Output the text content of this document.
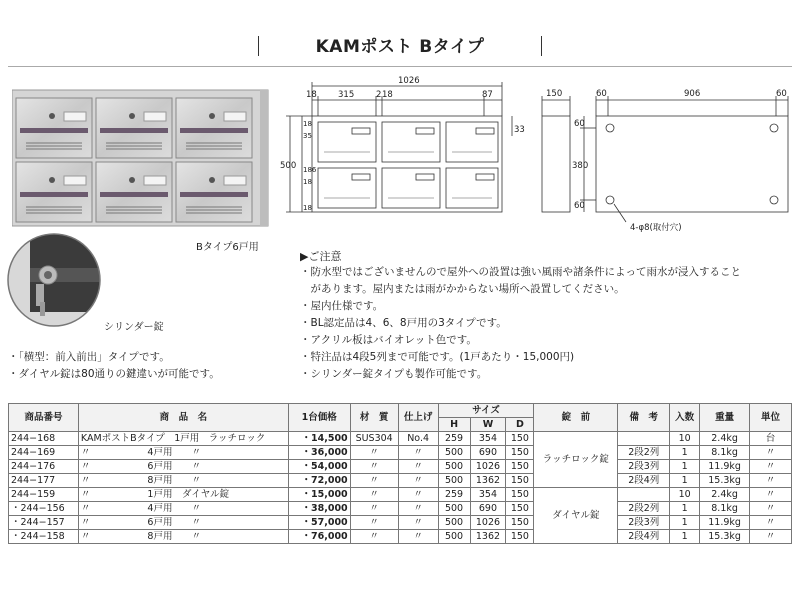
KAMポスト Bタイプ
Bタイプ6戸用
シリンダー錠
・「横型：前入前出」タイプです。
・ダイヤル錠は80通りの鍵違いが可能です。
1026
18 315	2 18	87
33
500
18
35
186
18
18
150	60	906	60
60
380
60
4-φ8(取付穴)
▶ご注意
・防水型ではございませんので屋外への設置は強い風雨や諸条件によって雨水が浸入すること
　があります。屋内または雨がかからない場所へ設置してください。
・屋内仕様です。
・BL認定品は4、6、8戸用の3タイプです。
・アクリル板はバイオレット色です。
・特注品は4段5列まで可能です。(1戸あたり・15,000円)
・シリンダー錠タイプも製作可能です。
商品番号	商　品　名	1台価格	材　質	仕上げ	サイズ			錠　前	備　考	入数	重量	単位
					H	W	D					
244−168	KAMポストBタイプ　1戸用　ラッチロック	・14,500	SUS304	No.4	259	354	150	ラッチロック錠		10	2.4kg	台
244−169	〃　　　　　　4戸用　　〃	・36,000	〃	〃	500	690	150		2段2列	1	8.1kg	〃
244−176	〃　　　　　　6戸用　　〃	・54,000	〃	〃	500	1026	150		2段3列	1	11.9kg	〃
244−177	〃　　　　　　8戸用　　〃	・72,000	〃	〃	500	1362	150		2段4列	1	15.3kg	〃
244−159	〃　　　　　　1戸用　ダイヤル錠	・15,000	〃	〃	259	354	150	ダイヤル錠		10	2.4kg	〃
・244−156	〃　　　　　　4戸用　　〃	・38,000	〃	〃	500	690	150		2段2列	1	8.1kg	〃
・244−157	〃　　　　　　6戸用　　〃	・57,000	〃	〃	500	1026	150		2段3列	1	11.9kg	〃
・244−158	〃　　　　　　8戸用　　〃	・76,000	〃	〃	500	1362	150		2段4列	1	15.3kg	〃
